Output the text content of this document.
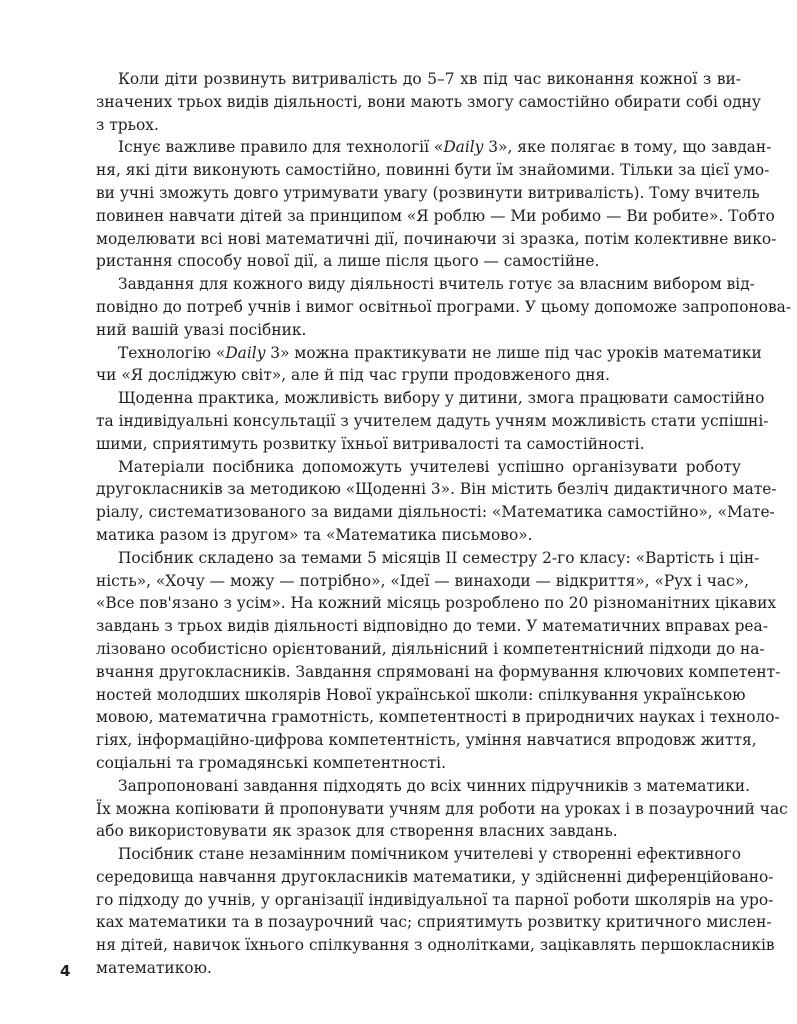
Коли діти розвинуть витривалість до 5–7 хв під час виконання кожної з ви-
значених трьох видів діяльності, вони мають змогу самостійно обирати собі одну
з трьох.

Існує важливе правило для технології «Daily 3», яке полягає в тому, що завдан-
ня, які діти виконують самостійно, повинні бути їм знайомими. Тільки за цієї умо-
ви учні зможуть довго утримувати увагу (розвинути витривалість). Тому вчитель
повинен навчати дітей за принципом «Я роблю — Ми робимо — Ви робите». Тобто
моделювати всі нові математичні дії, починаючи зі зразка, потім колективне вико-
ристання способу нової дії, а лише після цього — самостійне.

Завдання для кожного виду діяльності вчитель готує за власним вибором від-
повідно до потреб учнів і вимог освітньої програми. У цьому допоможе запропонова-
ний вашій увазі посібник.

Технологію «Daily 3» можна практикувати не лише під час уроків математики
чи «Я досліджую світ», але й під час групи продовженого дня.

Щоденна практика, можливість вибору у дитини, змога працювати самостійно
та індивідуальні консультації з учителем дадуть учням можливість стати успішні-
шими, сприятимуть розвитку їхньої витривалості та самостійності.

Матеріали посібника допоможуть учителеві успішно організувати роботу
другокласників за методикою «Щоденні 3». Він містить безліч дидактичного мате-
ріалу, систематизованого за видами діяльності: «Математика самостійно», «Мате-
матика разом із другом» та «Математика письмово».

Посібник складено за темами 5 місяців ІІ семестру 2-го класу: «Вартість і цін-
ність», «Хочу — можу — потрібно», «Ідеї — винаходи — відкриття», «Рух і час»,
«Все пов'язано з усім». На кожний місяць розроблено по 20 різноманітних цікавих
завдань з трьох видів діяльності відповідно до теми. У математичних вправах реа-
лізовано особистісно орієнтований, діяльнісний і компетентнісний підходи до на-
вчання другокласників. Завдання спрямовані на формування ключових компетент-
ностей молодших школярів Нової української школи: спілкування українською
мовою, математична грамотність, компетентності в природничих науках і техноло-
гіях, інформаційно-цифрова компетентність, уміння навчатися впродовж життя,
соціальні та громадянські компетентності.

Запропоновані завдання підходять до всіх чинних підручників з математики.
Їх можна копіювати й пропонувати учням для роботи на уроках і в позаурочний час
або використовувати як зразок для створення власних завдань.

Посібник стане незамінним помічником учителеві у створенні ефективного
середовища навчання другокласників математики, у здійсненні диференційовано-
го підходу до учнів, у організації індивідуальної та парної роботи школярів на уро-
ках математики та в позаурочний час; сприятимуть розвитку критичного мислен-
ня дітей, навичок їхнього спілкування з однолітками, зацікавлять першокласників
математикою.

4
